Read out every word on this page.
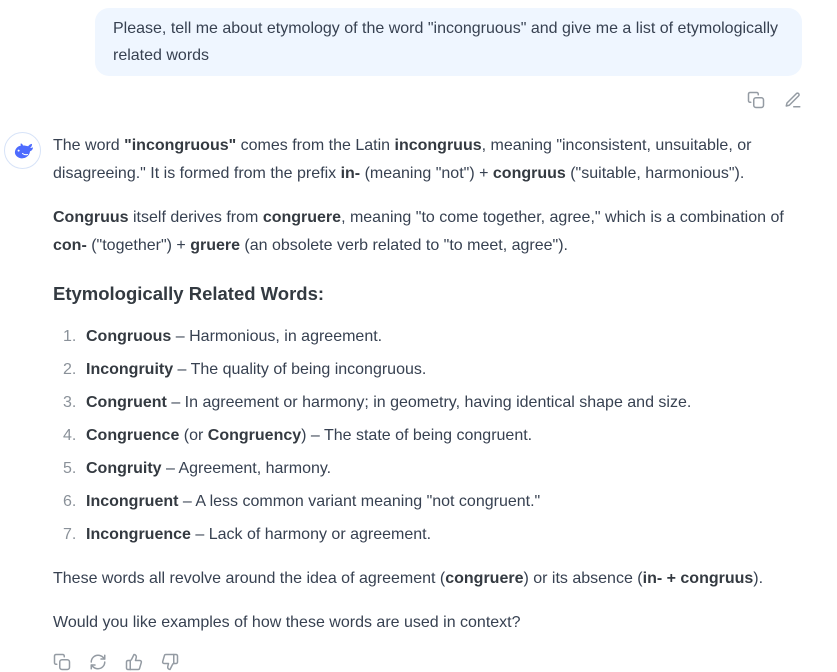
Please, tell me about etymology of the word "incongruous" and give me a list of etymologically related words

The word "incongruous" comes from the Latin incongruus, meaning "inconsistent, unsuitable, or disagreeing." It is formed from the prefix in- (meaning "not") + congruus ("suitable, harmonious").

Congruus itself derives from congruere, meaning "to come together, agree," which is a combination of con- ("together") + gruere (an obsolete verb related to "to meet, agree").

Etymologically Related Words:
1. Congruous – Harmonious, in agreement.
2. Incongruity – The quality of being incongruous.
3. Congruent – In agreement or harmony; in geometry, having identical shape and size.
4. Congruence (or Congruency) – The state of being congruent.
5. Congruity – Agreement, harmony.
6. Incongruent – A less common variant meaning "not congruent."
7. Incongruence – Lack of harmony or agreement.

These words all revolve around the idea of agreement (congruere) or its absence (in- + congruus).

Would you like examples of how these words are used in context?
